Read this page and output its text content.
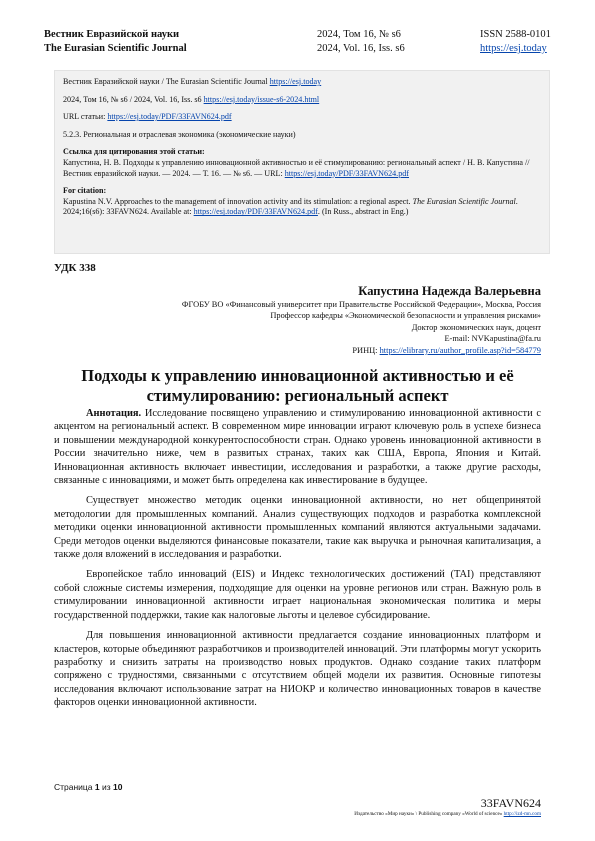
Вестник Евразийской науки
The Eurasian Scientific Journal
2024, Том 16, № s6
2024, Vol. 16, Iss. s6
ISSN 2588-0101
https://esj.today

Вестник Евразийской науки / The Eurasian Scientific Journal https://esj.today

2024, Том 16, № s6 / 2024, Vol. 16, Iss. s6 https://esj.today/issue-s6-2024.html

URL статьи: https://esj.today/PDF/33FAVN624.pdf

5.2.3. Региональная и отраслевая экономика (экономические науки)

Ссылка для цитирования этой статьи:
Капустина, Н. В. Подходы к управлению инновационной активностью и её стимулированию: региональный аспект / Н. В. Капустина // Вестник евразийской науки. — 2024. — Т. 16. — № s6. — URL: https://esj.today/PDF/33FAVN624.pdf

For citation:
Kapustina N.V. Approaches to the management of innovation activity and its stimulation: a regional aspect. The Eurasian Scientific Journal. 2024;16(s6): 33FAVN624. Available at: https://esj.today/PDF/33FAVN624.pdf. (In Russ., abstract in Eng.)

УДК 338
Капустина Надежда Валерьевна
ФГОБУ ВО «Финансовый университет при Правительстве Российской Федерации», Москва, Россия
Профессор кафедры «Экономической безопасности и управления рисками»
Доктор экономических наук, доцент
E-mail: NVKapustina@fa.ru
РИНЦ: https://elibrary.ru/author_profile.asp?id=584779
Подходы к управлению инновационной активностью и её стимулированию: региональный аспект

Аннотация. Исследование посвящено управлению и стимулированию инновационной активности с акцентом на региональный аспект. В современном мире инновации играют ключевую роль в успехе бизнеса и повышении международной конкурентоспособности стран. Однако уровень инновационной активности в России значительно ниже, чем в развитых странах, таких как США, Европа, Япония и Китай. Инновационная активность включает инвестиции, исследования и разработки, а также другие расходы, связанные с инновациями, и может быть определена как инвестирование в будущее.

Существует множество методик оценки инновационной активности, но нет общепринятой методологии для промышленных компаний. Анализ существующих подходов и разработка комплексной методики оценки инновационной активности промышленных компаний являются актуальными задачами. Среди методов оценки выделяются финансовые показатели, такие как выручка и рыночная капитализация, а также доля вложений в исследования и разработки.

Европейское табло инноваций (EIS) и Индекс технологических достижений (TAI) представляют собой сложные системы измерения, подходящие для оценки на уровне регионов или стран. Важную роль в стимулировании инновационной активности играет национальная экономическая политика и меры государственной поддержки, такие как налоговые льготы и целевое субсидирование.

Для повышения инновационной активности предлагается создание инновационных платформ и кластеров, которые объединяют разработчиков и производителей инноваций. Эти платформы могут ускорить разработку и снизить затраты на производство новых продуктов. Однако создание таких платформ сопряжено с трудностями, связанными с отсутствием общей модели их развития. Основные гипотезы исследования включают использование затрат на НИОКР и количество инновационных товаров в качестве факторов оценки инновационной активности.

Страница 1 из 10
33FAVN624
Издательство «Мир науки» \ Publishing company «World of science» http://izd-mn.com
